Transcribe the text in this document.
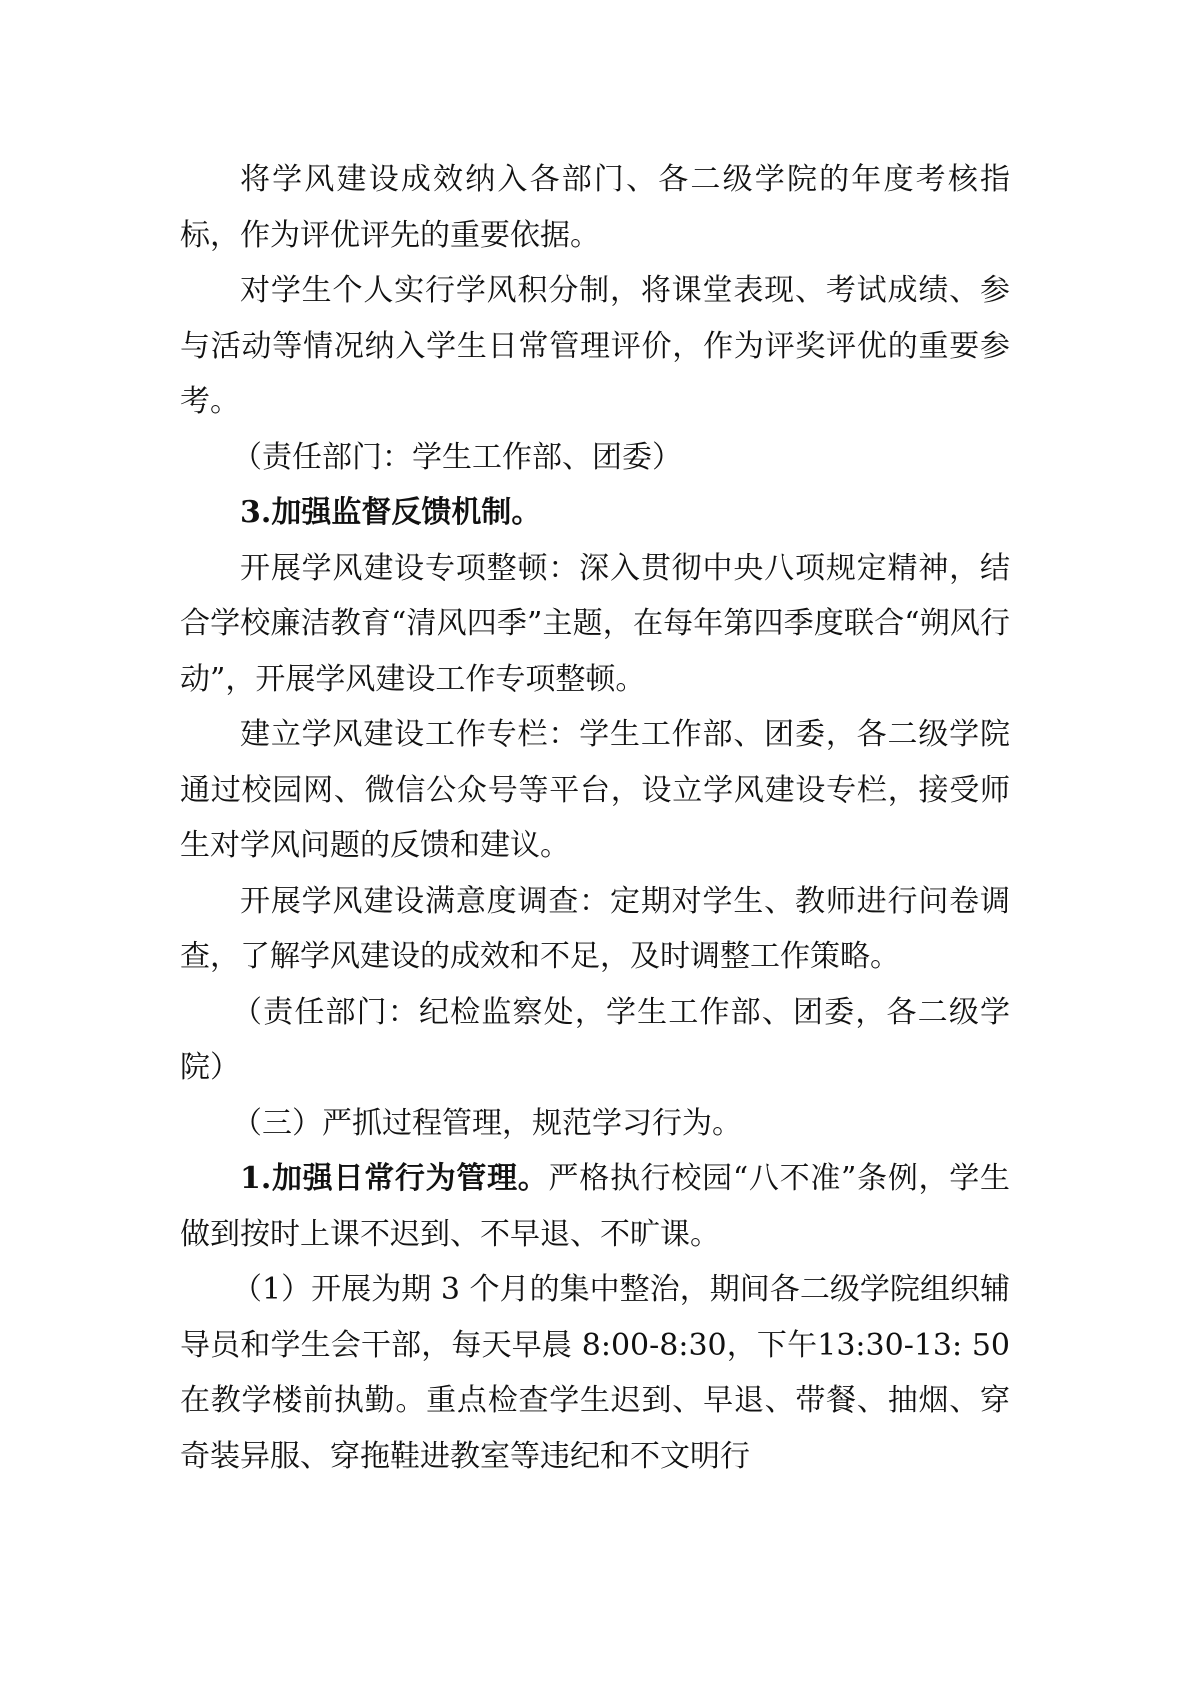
将学风建设成效纳入各部门、各二级学院的年度考核指标，作为评优评先的重要依据。

对学生个人实行学风积分制，将课堂表现、考试成绩、参与活动等情况纳入学生日常管理评价，作为评奖评优的重要参考。

（责任部门：学生工作部、团委）

3.加强监督反馈机制。

开展学风建设专项整顿：深入贯彻中央八项规定精神，结合学校廉洁教育“清风四季”主题，在每年第四季度联合“朔风行动”，开展学风建设工作专项整顿。

建立学风建设工作专栏：学生工作部、团委，各二级学院通过校园网、微信公众号等平台，设立学风建设专栏，接受师生对学风问题的反馈和建议。

开展学风建设满意度调查：定期对学生、教师进行问卷调查，了解学风建设的成效和不足，及时调整工作策略。

（责任部门：纪检监察处，学生工作部、团委，各二级学院）

（三）严抓过程管理，规范学习行为。

1.加强日常行为管理。严格执行校园“八不准”条例，学生做到按时上课不迟到、不早退、不旷课。

（1）开展为期 3 个月的集中整治，期间各二级学院组织辅导员和学生会干部，每天早晨 8:00-8:30，下午13:30-13: 50 在教学楼前执勤。重点检查学生迟到、早退、带餐、抽烟、穿奇装异服、穿拖鞋进教室等违纪和不文明行
